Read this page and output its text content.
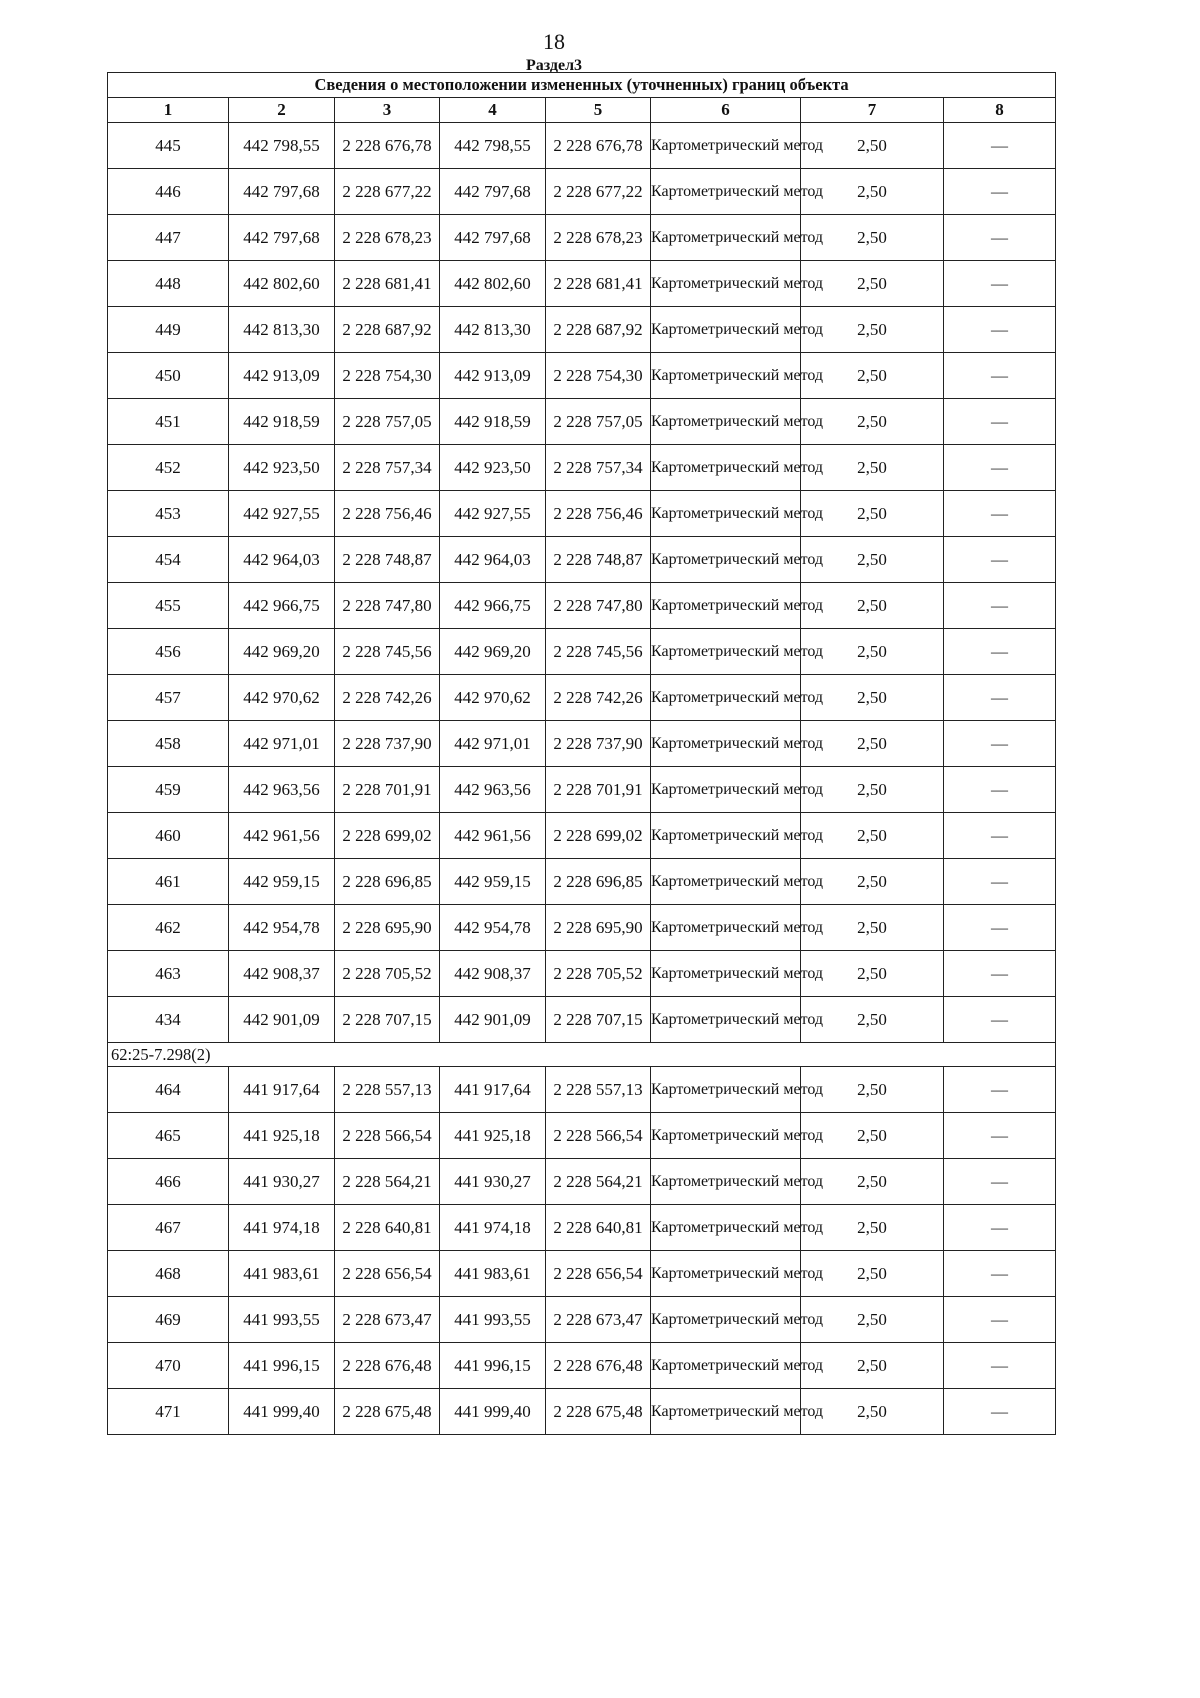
18
Раздел3
Сведения о местоположении измененных (уточненных) границ объекта							
1	2	3	4	5	6	7	8
445	442 798,55	2 228 676,78	442 798,55	2 228 676,78	Картометрический метод	2,50	—
446	442 797,68	2 228 677,22	442 797,68	2 228 677,22	Картометрический метод	2,50	—
447	442 797,68	2 228 678,23	442 797,68	2 228 678,23	Картометрический метод	2,50	—
448	442 802,60	2 228 681,41	442 802,60	2 228 681,41	Картометрический метод	2,50	—
449	442 813,30	2 228 687,92	442 813,30	2 228 687,92	Картометрический метод	2,50	—
450	442 913,09	2 228 754,30	442 913,09	2 228 754,30	Картометрический метод	2,50	—
451	442 918,59	2 228 757,05	442 918,59	2 228 757,05	Картометрический метод	2,50	—
452	442 923,50	2 228 757,34	442 923,50	2 228 757,34	Картометрический метод	2,50	—
453	442 927,55	2 228 756,46	442 927,55	2 228 756,46	Картометрический метод	2,50	—
454	442 964,03	2 228 748,87	442 964,03	2 228 748,87	Картометрический метод	2,50	—
455	442 966,75	2 228 747,80	442 966,75	2 228 747,80	Картометрический метод	2,50	—
456	442 969,20	2 228 745,56	442 969,20	2 228 745,56	Картометрический метод	2,50	—
457	442 970,62	2 228 742,26	442 970,62	2 228 742,26	Картометрический метод	2,50	—
458	442 971,01	2 228 737,90	442 971,01	2 228 737,90	Картометрический метод	2,50	—
459	442 963,56	2 228 701,91	442 963,56	2 228 701,91	Картометрический метод	2,50	—
460	442 961,56	2 228 699,02	442 961,56	2 228 699,02	Картометрический метод	2,50	—
461	442 959,15	2 228 696,85	442 959,15	2 228 696,85	Картометрический метод	2,50	—
462	442 954,78	2 228 695,90	442 954,78	2 228 695,90	Картометрический метод	2,50	—
463	442 908,37	2 228 705,52	442 908,37	2 228 705,52	Картометрический метод	2,50	—
434	442 901,09	2 228 707,15	442 901,09	2 228 707,15	Картометрический метод	2,50	—
62:25-7.298(2)							
464	441 917,64	2 228 557,13	441 917,64	2 228 557,13	Картометрический метод	2,50	—
465	441 925,18	2 228 566,54	441 925,18	2 228 566,54	Картометрический метод	2,50	—
466	441 930,27	2 228 564,21	441 930,27	2 228 564,21	Картометрический метод	2,50	—
467	441 974,18	2 228 640,81	441 974,18	2 228 640,81	Картометрический метод	2,50	—
468	441 983,61	2 228 656,54	441 983,61	2 228 656,54	Картометрический метод	2,50	—
469	441 993,55	2 228 673,47	441 993,55	2 228 673,47	Картометрический метод	2,50	—
470	441 996,15	2 228 676,48	441 996,15	2 228 676,48	Картометрический метод	2,50	—
471	441 999,40	2 228 675,48	441 999,40	2 228 675,48	Картометрический метод	2,50	—
